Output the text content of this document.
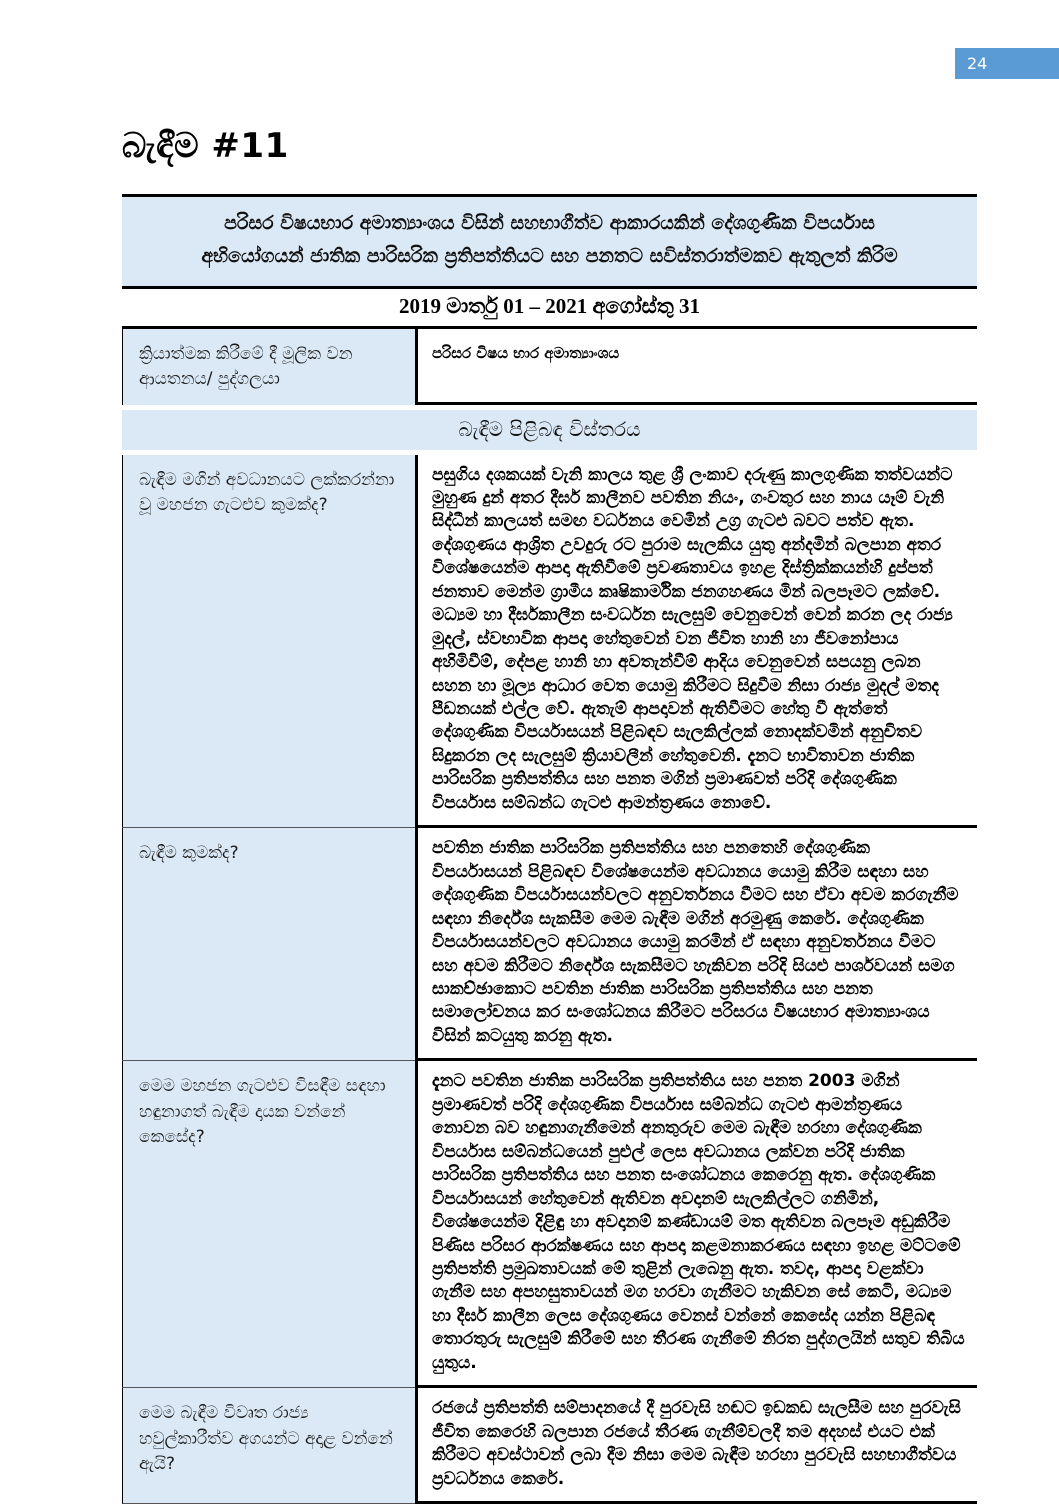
24
බැඳීම #11
පරිසර විෂයභාර අමාත්‍යාංශය විසින් සහභාගීත්ව ආකාරයකින් දේශගුණික විපර්යාස
අභියෝගයන් ජාතික පාරිසරික ප්‍රතිපත්තියට සහ පනතට සවිස්තරාත්මකව ඇතුලත් කිරිම
2019 මාර්තු 01 – 2021 අගෝස්තු 31
ක්‍රියාත්මක කිරීමේ දී මූලික වන ආයතනය/ පුද්ගලයා
පරිසර විෂය භාර අමාත්‍යාංශය
බැඳීම පිළිබඳ විස්තරය
බැඳීම මගින් අවධානයට ලක්කරන්නා වූ මහජන ගැටළුව කුමක්ද?
පසුගිය දශකයක් වැනි කාලය තුළ ශ්‍රී ලංකාව දරුණු කාලගුණික තත්වයන්ට මුහුණ දුන් අතර දීර්ඝ කාලීනව පවතින නියං, ගංවතුර සහ නාය යෑම් වැනි සිද්ධීන් කාලයත් සමඟ වර්ධනය වෙමින් උග්‍ර ගැටළු බවට පත්ව ඇත. දේශගුණය ආශ්‍රිත උවදුරු රට පුරාම සැලකිය යුතු අන්දමින් බලපාන අතර විශේෂයෙන්ම ආපදා ඇතිවීමේ ප්‍රවණතාවය ඉහළ දිස්ත්‍රික්කයන්හි දුප්පත් ජනතාව මෙන්ම ග්‍රාමීය කෘෂිකාර්මික ජනගහණය මින් බලපෑමට ලක්වේ. මධ්‍යම හා දීර්ඝකාලීන සංවර්ධන සැලසුම් වෙනුවෙන් වෙන් කරන ලද රාජ්‍ය මුදල්, ස්වභාවික ආපදා හේතුවෙන් වන ජීවිත හානි හා ජීවනෝපාය අහිමිවීම්, දේපළ හානි හා අවතැන්වීම් ආදිය වෙනුවෙන් සපයනු ලබන සහන හා මූල්‍ය ආධාර වෙත යොමු කිරීමට සිදුවීම නිසා රාජ්‍ය මුදල් මතද පීඩනයක් එල්ල වේ. ඇතැම් ආපදාවන් ඇතිවීමට හේතු වී ඇත්තේ දේශගුණික විපර්යාසයන් පිළිබඳව සැලකිල්ලක් නොදක්වමින් අනුචිතව සිදුකරන ලද සැලසුම් ක්‍රියාවලීන් හේතුවෙනි. දැනට භාවිතාවන ජාතික පාරිසරික ප්‍රතිපත්තිය සහ පනත මගින් ප්‍රමාණවත් පරිදි දේශගුණික විපර්යාස සම්බන්ධ ගැටළු ආමන්ත්‍රණය නොවේ.
බැඳීම කුමක්ද?	පවතින ජාතික පාරිසරික ප්‍රතිපත්තිය සහ පනතෙහි දේශගුණික විපර්යාසයන් පිළිබඳව විශේෂයෙන්ම අවධානය යොමු කිරීම සඳහා සහ දේශගුණික විපර්යාසයන්වලට අනුවර්තනය වීමට සහ ඒවා අවම කරගැනීම සඳහා නිර්දේශ සැකසීම මෙම බැඳීම මගින් අරමුණු කෙරේ. දේශගුණික විපර්යාසයන්වලට අවධානය යොමු කරමින් ඒ සඳහා අනුවර්තනය වීමට සහ අවම කිරීමට නිර්දේශ සැකසීමට හැකිවන පරිදි සියළු පාර්ශවයන් සමග සාකච්ඡාකොට පවතින ජාතික පාරිසරික ප්‍රතිපත්තිය සහ පනත සමාලෝචනය කර සංශෝධනය කිරීමට පරිසරය විෂයභාර අමාත්‍යාංශය විසින් කටයුතු කරනු ඇත.
මෙම මහජන ගැටළුව විසඳීම සඳහා හඳුනාගත් බැඳීම දායක වන්නේ කෙසේද?
දැනට පවතින ජාතික පාරිසරික ප්‍රතිපත්තිය සහ පනත 2003 මගින් ප්‍රමාණවත් පරිදි දේශගුණික විපර්යාස සම්බන්ධ ගැටළු ආමන්ත්‍රණය නොවන බව හඳුනාගැනීමෙන් අනතුරුව මෙම බැඳීම හරහා දේශගුණික විපර්යාස සම්බන්ධයෙන් පුළුල් ලෙස අවධානය ලක්වන පරිදි ජාතික පාරිසරික ප්‍රතිපත්තිය සහ පනත සංශෝධනය කෙරෙනු ඇත. දේශගුණික විපර්යාසයන් හේතුවෙන් ඇතිවන අවදානම් සැලකිල්ලට ගනිමින්, විශේෂයෙන්ම දිළිඳු හා අවදානම් කණ්ඩායම් මත ඇතිවන බලපෑම අඩුකිරීම පිණිස පරිසර ආරක්ෂණය සහ ආපදා කළමනාකරණය සඳහා ඉහළ මට්ටමේ ප්‍රතිපත්ති ප්‍රමුඛතාවයක් මේ තුළින් ලැබෙනු ඇත. තවද, ආපදා වළක්වා ගැනීම සහ අපහසුතාවයන් මග හරවා ගැනීමට හැකිවන සේ කෙටි, මධ්‍යම හා දීර්ඝ කාලීන ලෙස දේශගුණය වෙනස් වන්නේ කෙසේද යන්න පිළිබඳ තොරතුරු සැලසුම් කිරීමේ සහ තීරණ ගැනීමේ නිරත පුද්ගලයින් සතුව තිබිය යුතුය.
මෙම බැඳීම විවෘත රාජ්‍ය හවුල්කාරීත්ව අගයන්ට අදාළ වන්නේ ඇයි?
රජයේ ප්‍රතිපත්ති සම්පාදනයේ දී පුරවැසි හඬට ඉඩකඩ සැලසීම සහ පුරවැසි ජීවිත කෙරෙහි බලපාන රජයේ තීරණ ගැනීම්වලදී තම අදහස් එයට එක් කිරීමට අවස්ථාවන් ලබා දීම නිසා මෙම බැඳීම හරහා පුරවැසි සහභාගීත්වය ප්‍රවර්ධනය කෙරේ.
